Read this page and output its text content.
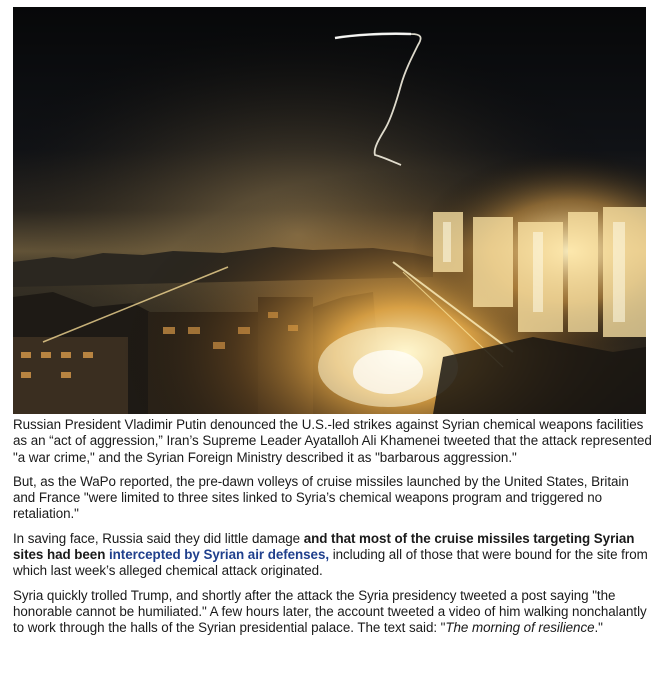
Russian President Vladimir Putin denounced the U.S.-led strikes against Syrian chemical weapons facilities as an “act of aggression,” Iran’s Supreme Leader Ayatalloh Ali Khamenei tweeted that the attack represented "a war crime," and the Syrian Foreign Ministry described it as "barbarous aggression."

But, as the WaPo reported, the pre-dawn volleys of cruise missiles launched by the United States, Britain and France "were limited to three sites linked to Syria’s chemical weapons program and triggered no retaliation."

In saving face, Russia said they did little damage and that most of the cruise missiles targeting Syrian sites had been intercepted by Syrian air defenses, including all of those that were bound for the site from which last week’s alleged chemical attack originated.

Syria quickly trolled Trump, and shortly after the attack the Syria presidency tweeted a post saying "the honorable cannot be humiliated." A few hours later, the account tweeted a video of him walking nonchalantly to work through the halls of the Syrian presidential palace. The text said: "The morning of resilience."
